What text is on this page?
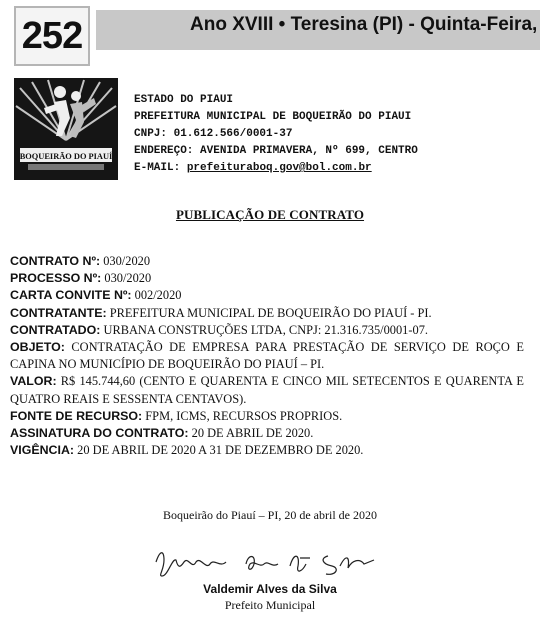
252	Ano XVIII • Teresina (PI) - Quinta-Feira,
BOQUEIRÃO DO PIAUÍ
ESTADO DO PIAUI
PREFEITURA MUNICIPAL DE BOQUEIRÃO DO PIAUI
CNPJ: 01.612.566/0001-37
ENDEREÇO: AVENIDA PRIMAVERA, Nº 699, CENTRO
E-MAIL: prefeituraboq.gov@bol.com.br
PUBLICAÇÃO DE CONTRATO

CONTRATO Nº: 030/2020

PROCESSO Nº: 030/2020

CARTA CONVITE Nº: 002/2020

CONTRATANTE: PREFEITURA MUNICIPAL DE BOQUEIRÃO DO PIAUÍ - PI.

CONTRATADO: URBANA CONSTRUÇÕES LTDA, CNPJ: 21.316.735/0001-07.

OBJETO: CONTRATAÇÃO DE EMPRESA PARA PRESTAÇÃO DE SERVIÇO DE ROÇO E CAPINA NO MUNICÍPIO DE BOQUEIRÃO DO PIAUÍ – PI.

VALOR: R$ 145.744,60 (CENTO E QUARENTA E CINCO MIL SETECENTOS E QUARENTA E QUATRO REAIS E SESSENTA CENTAVOS).

FONTE DE RECURSO: FPM, ICMS, RECURSOS PROPRIOS.

ASSINATURA DO CONTRATO: 20 DE ABRIL DE 2020.

VIGÊNCIA: 20 DE ABRIL DE 2020 A 31 DE DEZEMBRO DE 2020.

Boqueirão do Piauí – PI, 20 de abril de 2020
Valdemir Alves da Silva
Prefeito Municipal
